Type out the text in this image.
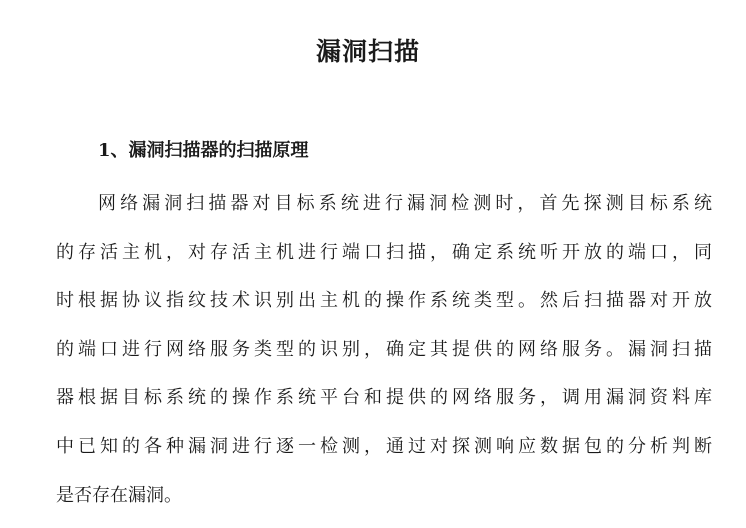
漏洞扫描
1、漏洞扫描器的扫描原理

网络漏洞扫描器对目标系统进行漏洞检测时，首先探测目标系统
的存活主机，对存活主机进行端口扫描，确定系统听开放的端口，同
时根据协议指纹技术识别出主机的操作系统类型。然后扫描器对开放
的端口进行网络服务类型的识别，确定其提供的网络服务。漏洞扫描
器根据目标系统的操作系统平台和提供的网络服务，调用漏洞资料库
中已知的各种漏洞进行逐一检测，通过对探测响应数据包的分析判断
是否存在漏洞。
